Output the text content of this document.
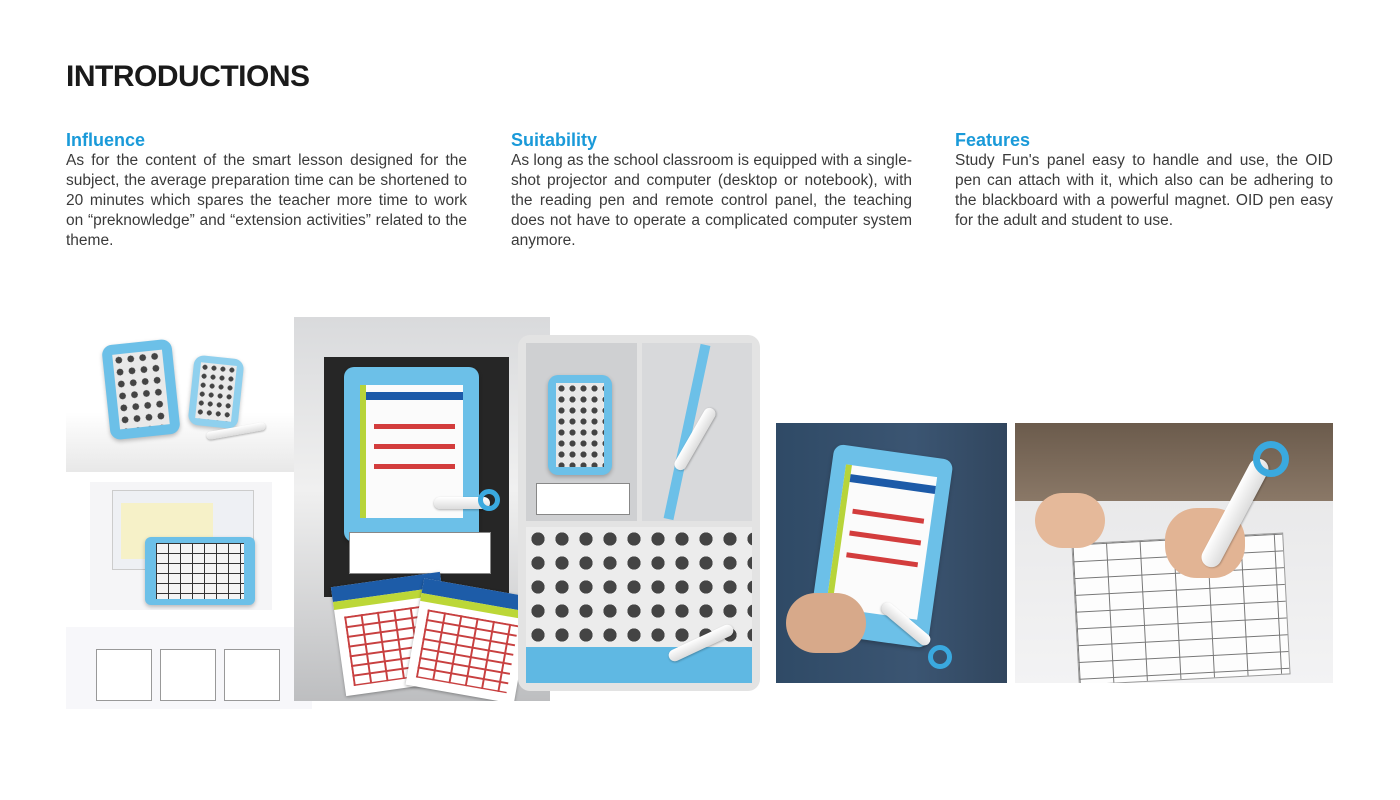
INTRODUCTIONS
Influence

As for the content of the smart lesson designed for the subject, the average preparation time can be shortened to 20 minutes which spares the teacher more time to work on “preknowledge” and “extension activities” related to the theme.

Suitability

As long as the school classroom is equipped with a single-shot projector and computer (desktop or notebook), with the reading pen and remote control panel, the teaching does not have to operate a complicated computer system anymore.

Features

Study Fun's panel easy to handle and use, the OID pen can attach with it, which also can be adhering to the blackboard with a powerful magnet. OID pen easy for the adult and student to use.
